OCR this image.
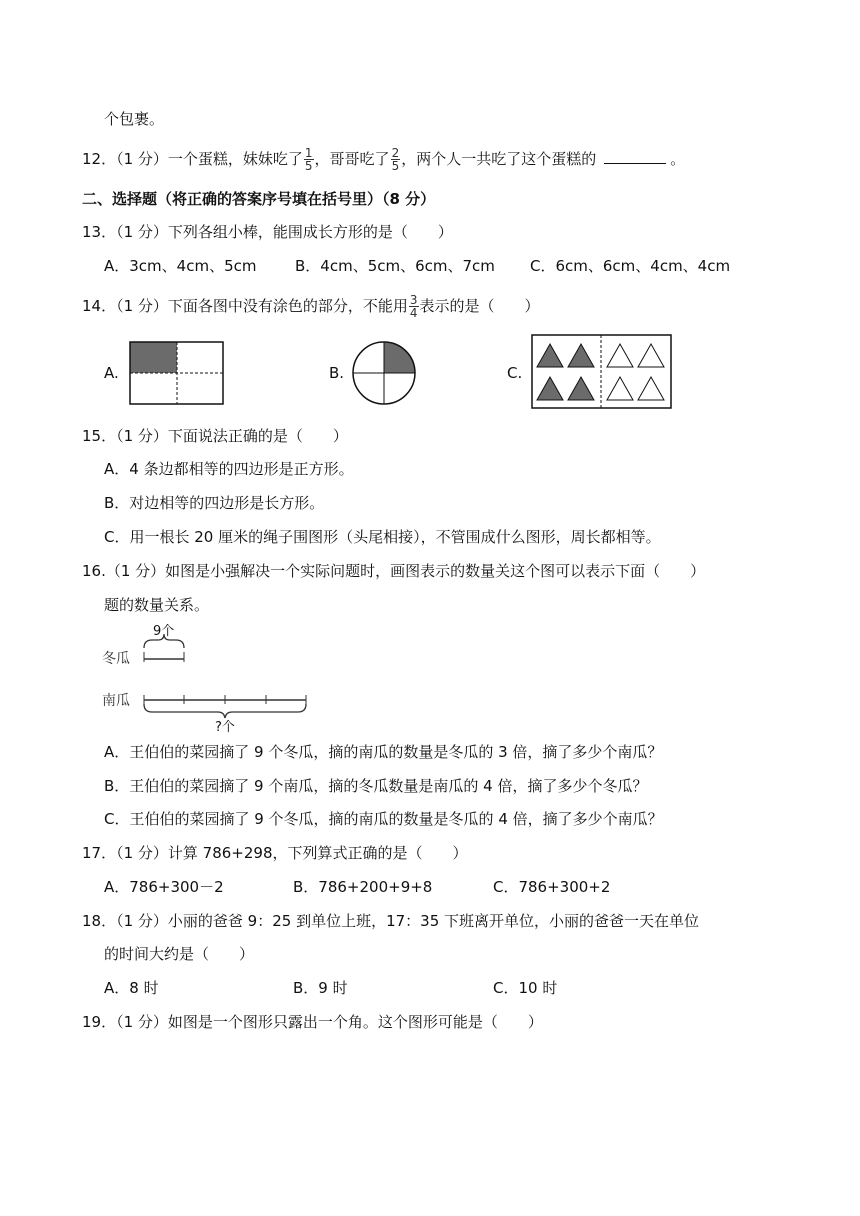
个包裹。
12．（1 分）一个蛋糕，妹妹吃了 $\frac{1}{5}$ ，哥哥吃了 $\frac{2}{5}$ ，两个人一共吃了这个蛋糕的	。
二、选择题（将正确的答案序号填在括号里）（8 分）
13．（1 分）下列各组小棒，能围成长方形的是（　　）
A．3cm、4cm、5cm	B．4cm、5cm、6cm、7cm C．6cm、6cm、4cm、4cm
14．（1 分）下面各图中没有涂色的部分，不能用 $\frac{3}{4}$ 表示的是（　　）
A.	B.	C.
15．（1 分）下面说法正确的是（　　）
A．4 条边都相等的四边形是正方形。
B．对边相等的四边形是长方形。
C．用一根长 20 厘米的绳子围图形（头尾相接），不管围成什么图形，周长都相等。
16.（1 分）如图是小强解决一个实际问题时，画图表示的数量关这个图可以表示下面（　　）
题的数量关系。
9个
冬瓜
南瓜
?个
A．王伯伯的菜园摘了 9 个冬瓜，摘的南瓜的数量是冬瓜的 3 倍，摘了多少个南瓜？
B．王伯伯的菜园摘了 9 个南瓜，摘的冬瓜数量是南瓜的 4 倍，摘了多少个冬瓜？
C．王伯伯的菜园摘了 9 个冬瓜，摘的南瓜的数量是冬瓜的 4 倍，摘了多少个南瓜？
17．（1 分）计算 786+298，下列算式正确的是（　　）
A．786+300－2	B．786+200+9+8	C．786+300+2
18．（1 分）小丽的爸爸 9：25 到单位上班，17：35 下班离开单位，小丽的爸爸一天在单位
的时间大约是（　　）
A．8 时	B．9 时	C．10 时
19．（1 分）如图是一个图形只露出一个角。这个图形可能是（　　）
